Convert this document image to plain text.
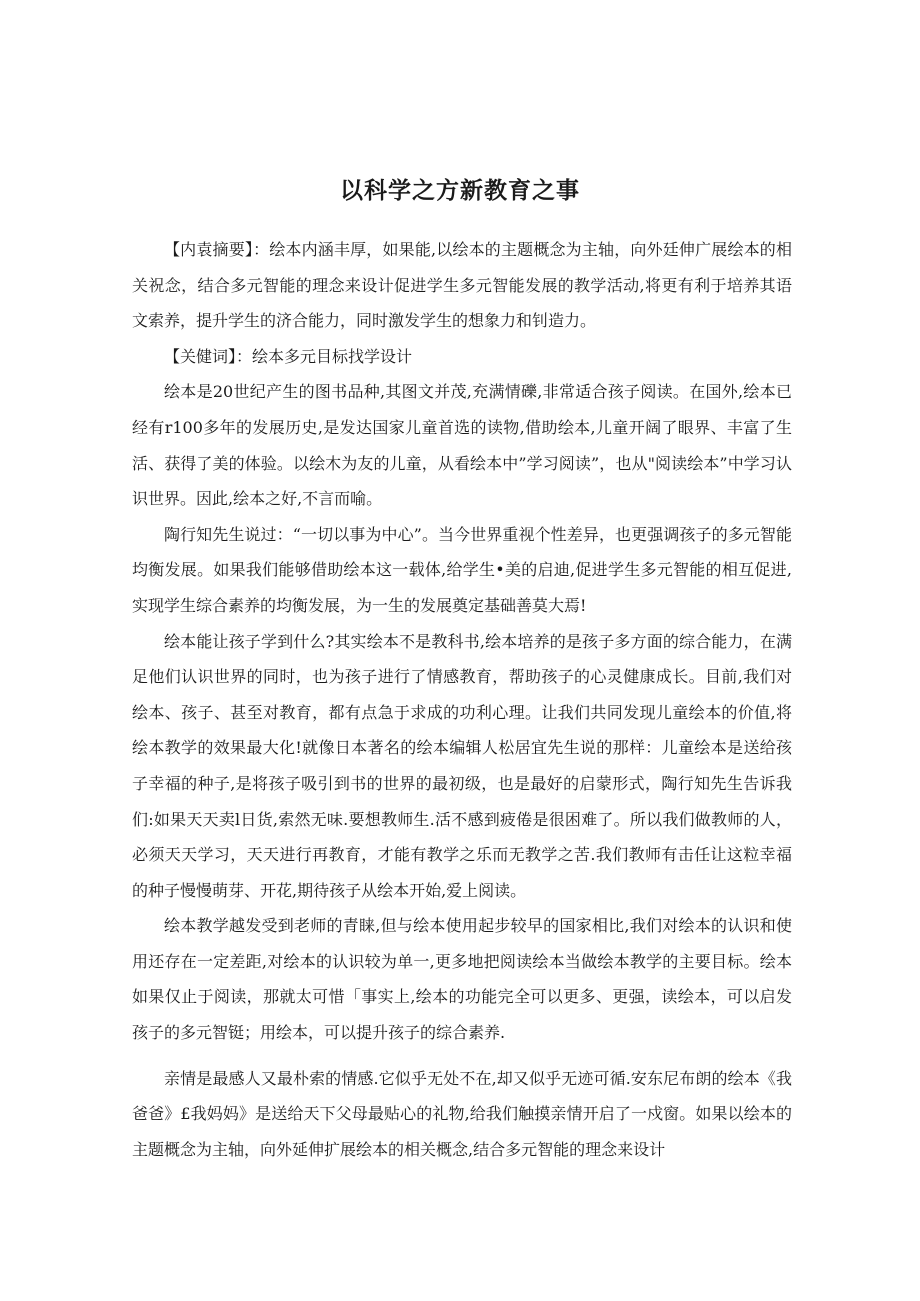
以科学之方新教育之事

【内袁摘要】：绘本内涵丰厚，如果能,以绘本的主题概念为主轴，向外廷伸广展绘本的相关祝念，结合多元智能的理念来设计促进学生多元智能发展的教学活动,将更有利于培养其语文索养，提升学生的济合能力，同时激发学生的想象力和钊造力。

【关健词】：绘本多元目标找学设计

绘本是20世纪产生的图书品种,其图文并茂,充满情礫,非常适合孩子阅读。在国外,绘本已经有r100多年的发展历史,是发达国家儿童首选的读物,借助绘本,儿童开阔了眼界、丰富了生活、获得了美的体验。以绘木为友的儿童，从看绘本中”学习阅读”，也从"阅读绘本”中学习认识世界。因此,绘本之好,不言而喻。

陶行知先生说过：“一切以事为中心”。当今世界重视个性差异，也更强调孩子的多元智能均衡发展。如果我们能够借助绘本这一载体,给学生•美的启迪,促进学生多元智能的相互促进,实现学生综合素养的均衡发展，为一生的发展奠定基础善莫大焉!

绘本能让孩子学到什么?其实绘本不是教科书,绘本培养的是孩子多方面的综合能力，在满足他们认识世界的同时，也为孩子进行了情感教育，帮助孩子的心灵健康成长。目前,我们对绘本、孩子、甚至对教育，都有点急于求成的功利心理。让我们共同发现儿童绘本的价值,将绘本教学的效果最大化!就像日本著名的绘本编辑人松居宜先生说的那样：儿童绘本是送给孩子幸福的种子,是将孩子吸引到书的世界的最初级，也是最好的启蒙形式，陶行知先生告诉我们:如果天天卖l日货,索然无味.要想教师生.活不感到疲倦是很困难了。所以我们做教师的人，必须天天学习，天天进行再教育，才能有教学之乐而无教学之苦.我们教师有击任让这粒幸福的种子慢慢萌芽、开花,期待孩子从绘本开始,爱上阅读。

绘本教学越发受到老师的青睐,但与绘本使用起步较早的国家相比,我们对绘本的认识和使用还存在一定差距,对绘本的认识较为单一,更多地把阅读绘本当做绘本教学的主要目标。绘本如果仅止于阅读，那就太可惜「事实上,绘本的功能完全可以更多、更强，读绘本，可以启发孩子的多元智铤；用绘本，可以提升孩子的综合素养.

亲情是最感人又最朴索的情感.它似乎无处不在,却又似乎无迹可循.安东尼布朗的绘本《我爸爸》£我妈妈》是送给天下父母最贴心的礼物,给我们触摸亲情开启了一戍窗。如果以绘本的主题概念为主轴，向外延伸扩展绘本的相关概念,结合多元智能的理念来设计
